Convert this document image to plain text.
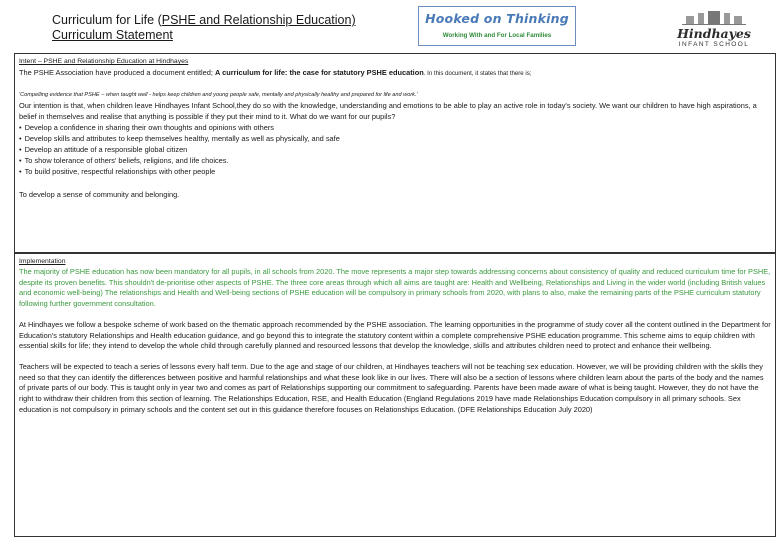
Curriculum for Life (PSHE and Relationship Education)
Curriculum Statement
Hooked on Thinking
Working With and For Local Families	Hindhayes
INFANT SCHOOL
Intent – PSHE and Relationship Education at Hindhayes

The PSHE Association have produced a document entitled; A curriculum for life: the case for statutory PSHE education. In this document, it states that there is;

'Compelling evidence that PSHE – when taught well - helps keep children and young people safe, mentally and physically healthy and prepared for life and work.'

Our intention is that, when children leave Hindhayes Infant School,they do so with the knowledge, understanding and emotions to be able to play an active role in today's society. We want our children to have high aspirations, a belief in themselves and realise that anything is possible if they put their mind to it. What do we want for our pupils?

• Develop a confidence in sharing their own thoughts and opinions with others
• Develop skills and attributes to keep themselves healthy, mentally as well as physically, and safe
• Develop an attitude of a responsible global citizen
• To show tolerance of others' beliefs, religions, and life choices.
• To build positive, respectful relationships with other people

To develop a sense of community and belonging.

Implementation

The majority of PSHE education has now been mandatory for all pupils, in all schools from 2020. The move represents a major step towards addressing concerns about consistency of quality and reduced curriculum time for PSHE, despite its proven benefits. This shouldn't de-prioritise other aspects of PSHE. The three core areas through which all aims are taught are: Health and Wellbeing, Relationships and Living in the wider world (including British values and economic well-being) The relationships and Health and Well-being sections of PSHE education will be compulsory in primary schools from 2020, with plans to also, make the remaining parts of the PSHE curriculum statutory following further government consultation.

At Hindhayes we follow a bespoke scheme of work based on the thematic approach recommended by the PSHE association. The learning opportunities in the programme of study cover all the content outlined in the Department for Education's statutory Relationships and Health education guidance, and go beyond this to integrate the statutory content within a complete comprehensive PSHE education programme. This scheme aims to equip children with essential skills for life; they intend to develop the whole child through carefully planned and resourced lessons that develop the knowledge, skills and attributes children need to protect and enhance their wellbeing.

Teachers will be expected to teach a series of lessons every half term. Due to the age and stage of our children, at Hindhayes teachers will not be teaching sex education. However, we will be providing children with the skills they need so that they can identify the differences between positive and harmful relationships and what these look like in our lives. There will also be a section of lessons where children learn about the parts of the body and the names of private parts of our body. This is taught only in year two and comes as part of Relationships supporting our commitment to safeguarding. Parents have been made aware of what is being taught. However, they do not have the right to withdraw their children from this section of learning. The Relationships Education, RSE, and Health Education (England Regulations 2019 have made Relationships Education compulsory in all primary schools. Sex education is not compulsory in primary schools and the content set out in this guidance therefore focuses on Relationships Education. (DFE Relationships Education July 2020)
